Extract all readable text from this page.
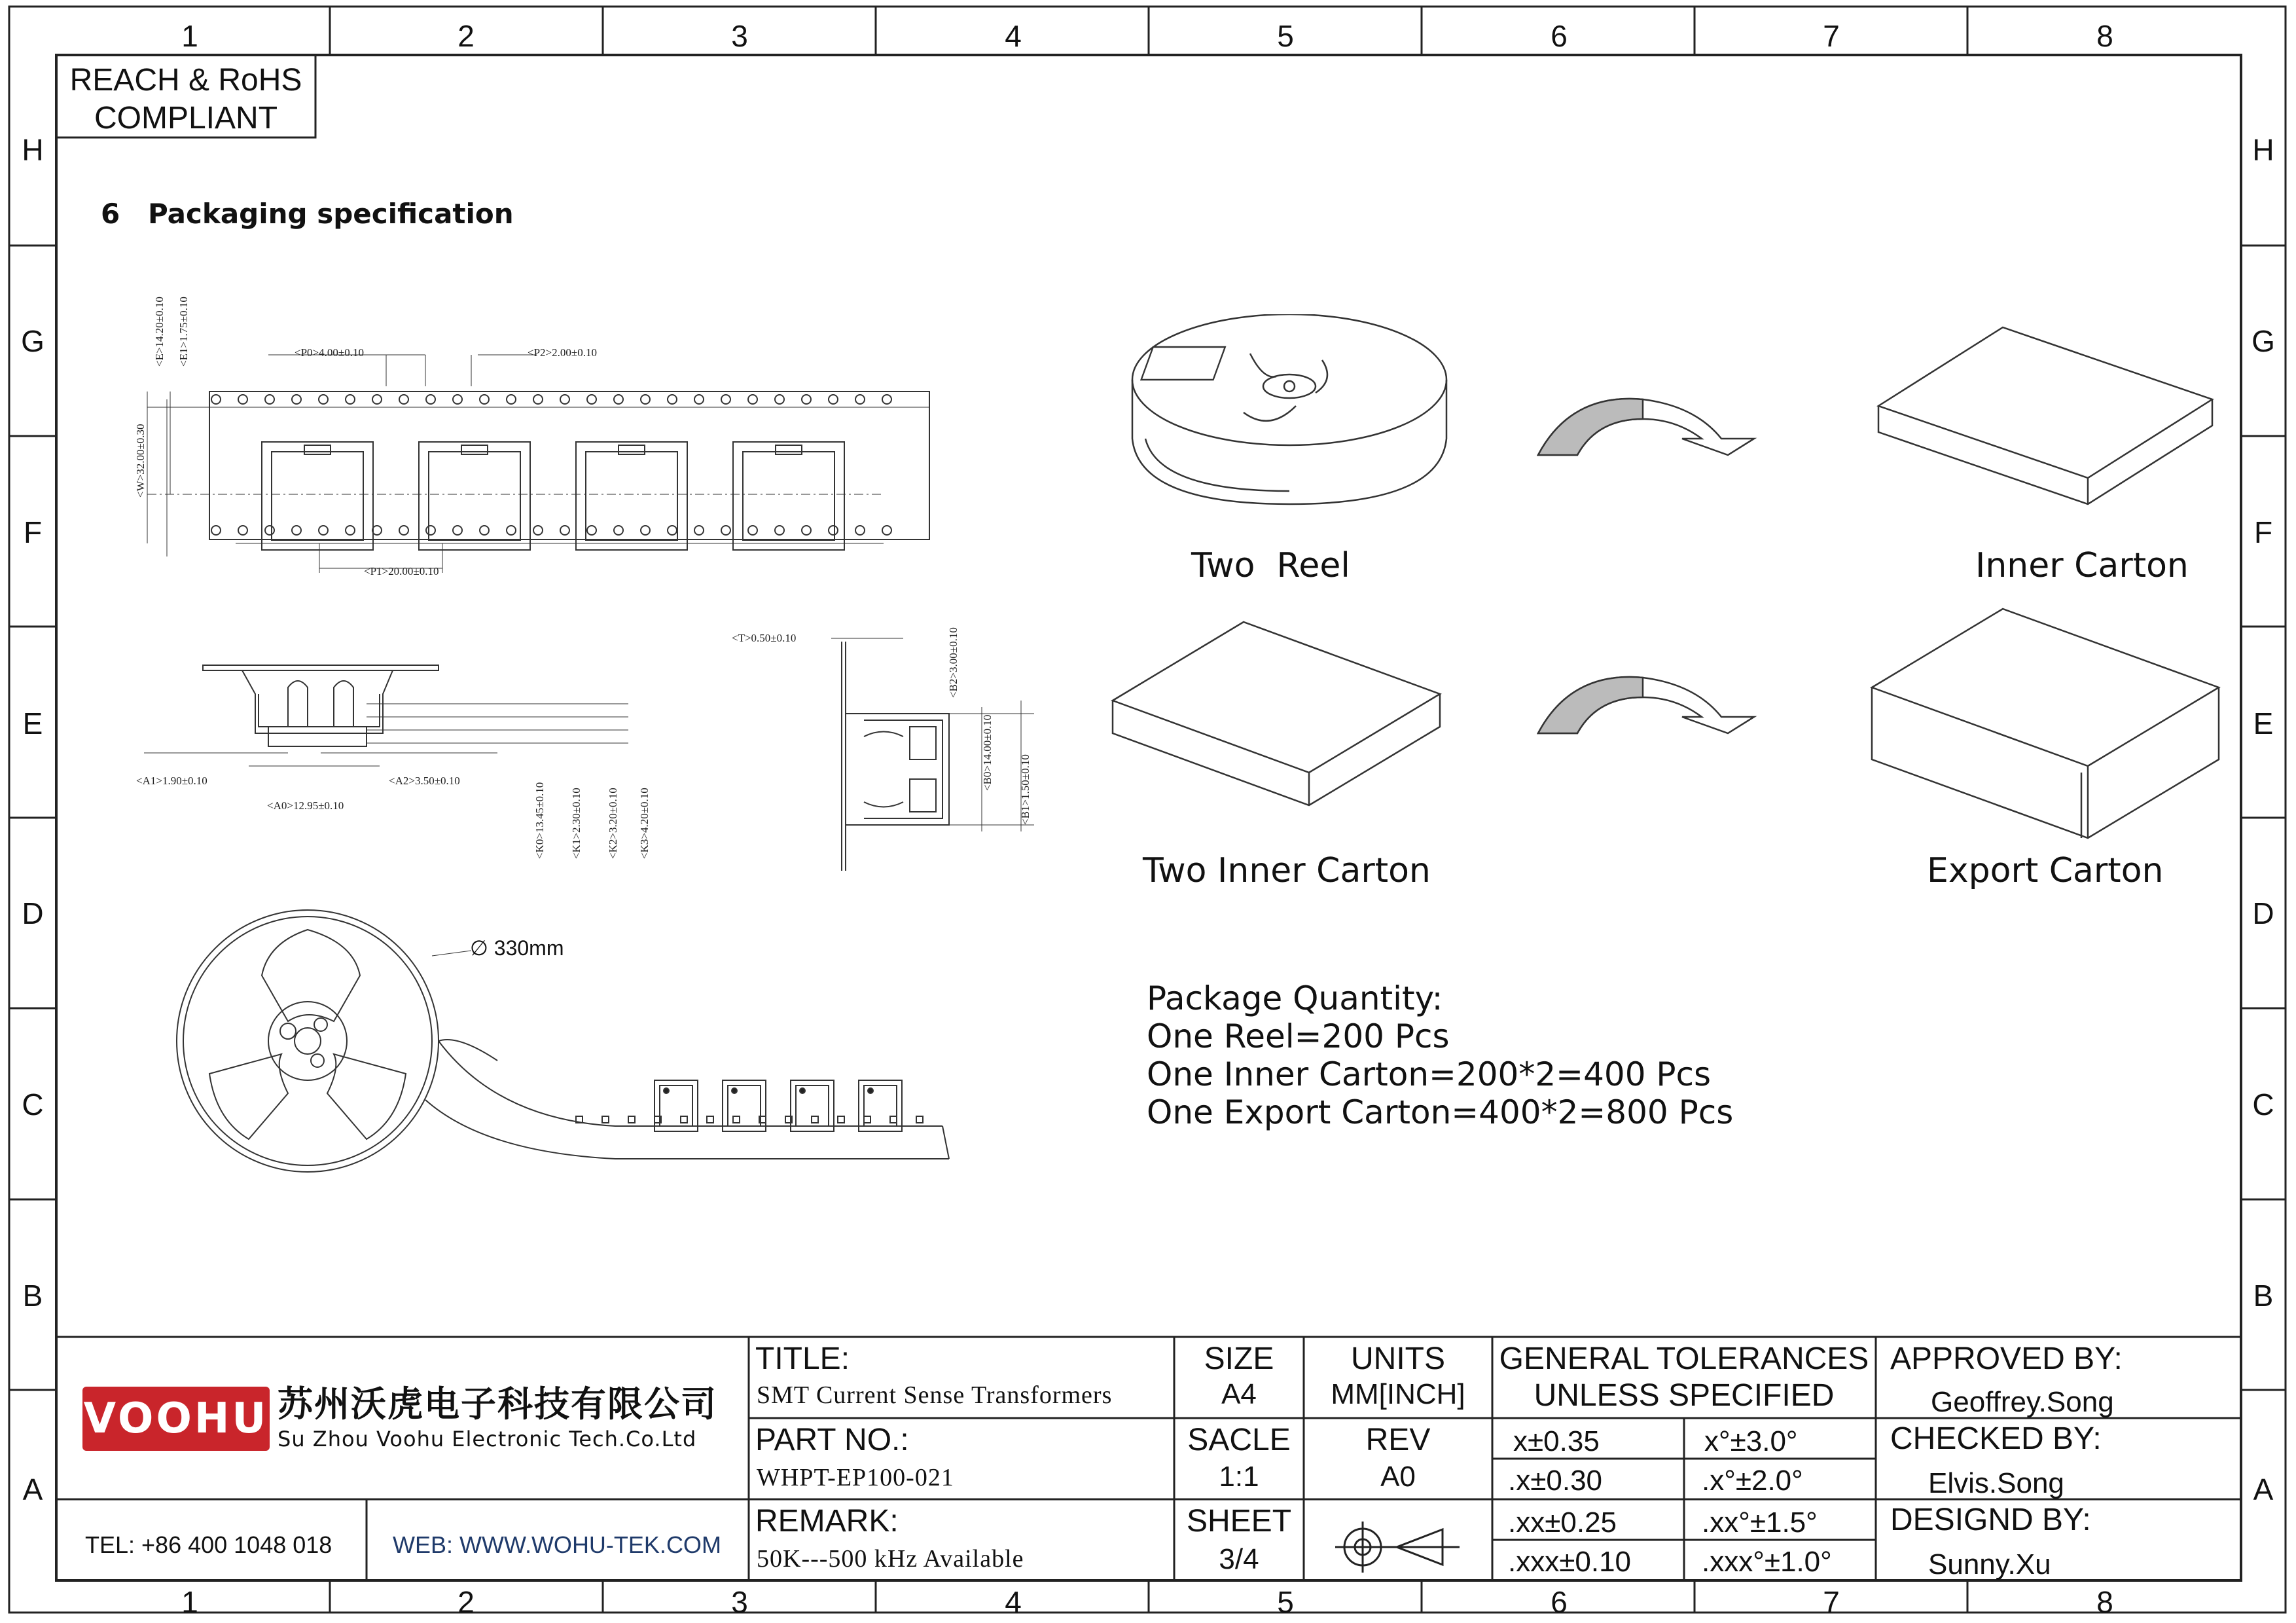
1	2	3	4	5	6	7	8
1	2	3	4	5	6	7	8
H
G
F
E
D
C
B
A
H
G
F
E
D
C
B
A
REACH & RoHS
COMPLIANT
6 Packaging specification
<E>14.20±0.10 <E1>1.75±0.10	<P0>4.00±0.10	<P2>2.00±0.10
<W>32.00±0.30
<P1>20.00±0.10
<A1>1.90±0.10	<A2>3.50±0.10
<A0>12.95±0.10	<K0>13.45±0.10 <K1>2.30±0.10 <K2>3.20±0.10 <K3>4.20±0.10
<T>0.50±0.10	<B2>3.00±0.10
<B0>14.00±0.10 <B1>1.50±0.10
∅ 330mm
Two  Reel	Inner Carton
Two Inner Carton	Export Carton
Package Quantity:
One Reel=200 Pcs
One Inner Carton=200*2=400 Pcs
One Export Carton=400*2=800 Pcs
VOOHU 苏州沃虎电子科技有限公司
Su Zhou Voohu Electronic Tech.Co.Ltd
TEL: +86 400 1048 018	WEB: WWW.WOHU-TEK.COM
TITLE:
SMT Current Sense Transformers
PART NO.:
WHPT-EP100-021
REMARK:
50K---500 kHz Available
SIZE
A4
SACLE
1:1
SHEET
3/4
UNITS
MM[INCH]
REV
A0
GENERAL TOLERANCES
UNLESS SPECIFIED
x±0.35	x°±3.0°
.x±0.30	.x°±2.0°
.xx±0.25	.xx°±1.5°
.xxx±0.10 .xxx°±1.0°
APPROVED BY:
Geoffrey.Song
CHECKED BY:
Elvis.Song
DESIGND BY:
Sunny.Xu
